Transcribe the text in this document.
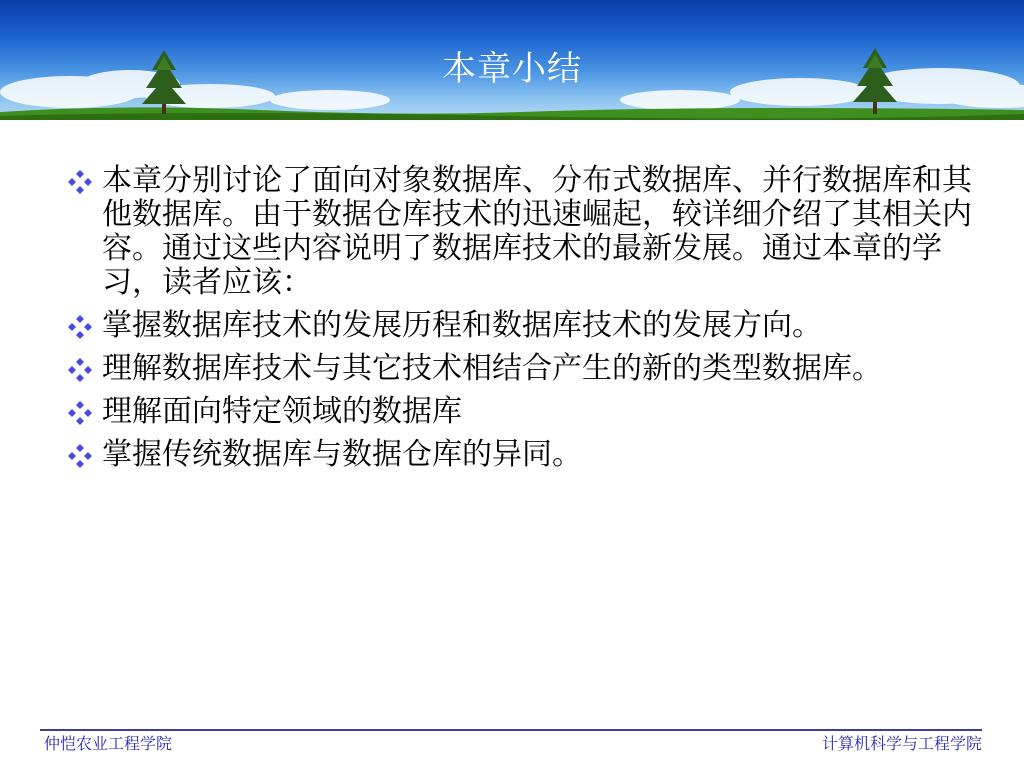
本章小结
本章分别讨论了面向对象数据库、分布式数据库、并行数据库和其他数据库。由于数据仓库技术的迅速崛起，较详细介绍了其相关内容。通过这些内容说明了数据库技术的最新发展。通过本章的学习，读者应该：
掌握数据库技术的发展历程和数据库技术的发展方向。
理解数据库技术与其它技术相结合产生的新的类型数据库。
理解面向特定领域的数据库
掌握传统数据库与数据仓库的异同。
仲恺农业工程学院	计算机科学与工程学院
